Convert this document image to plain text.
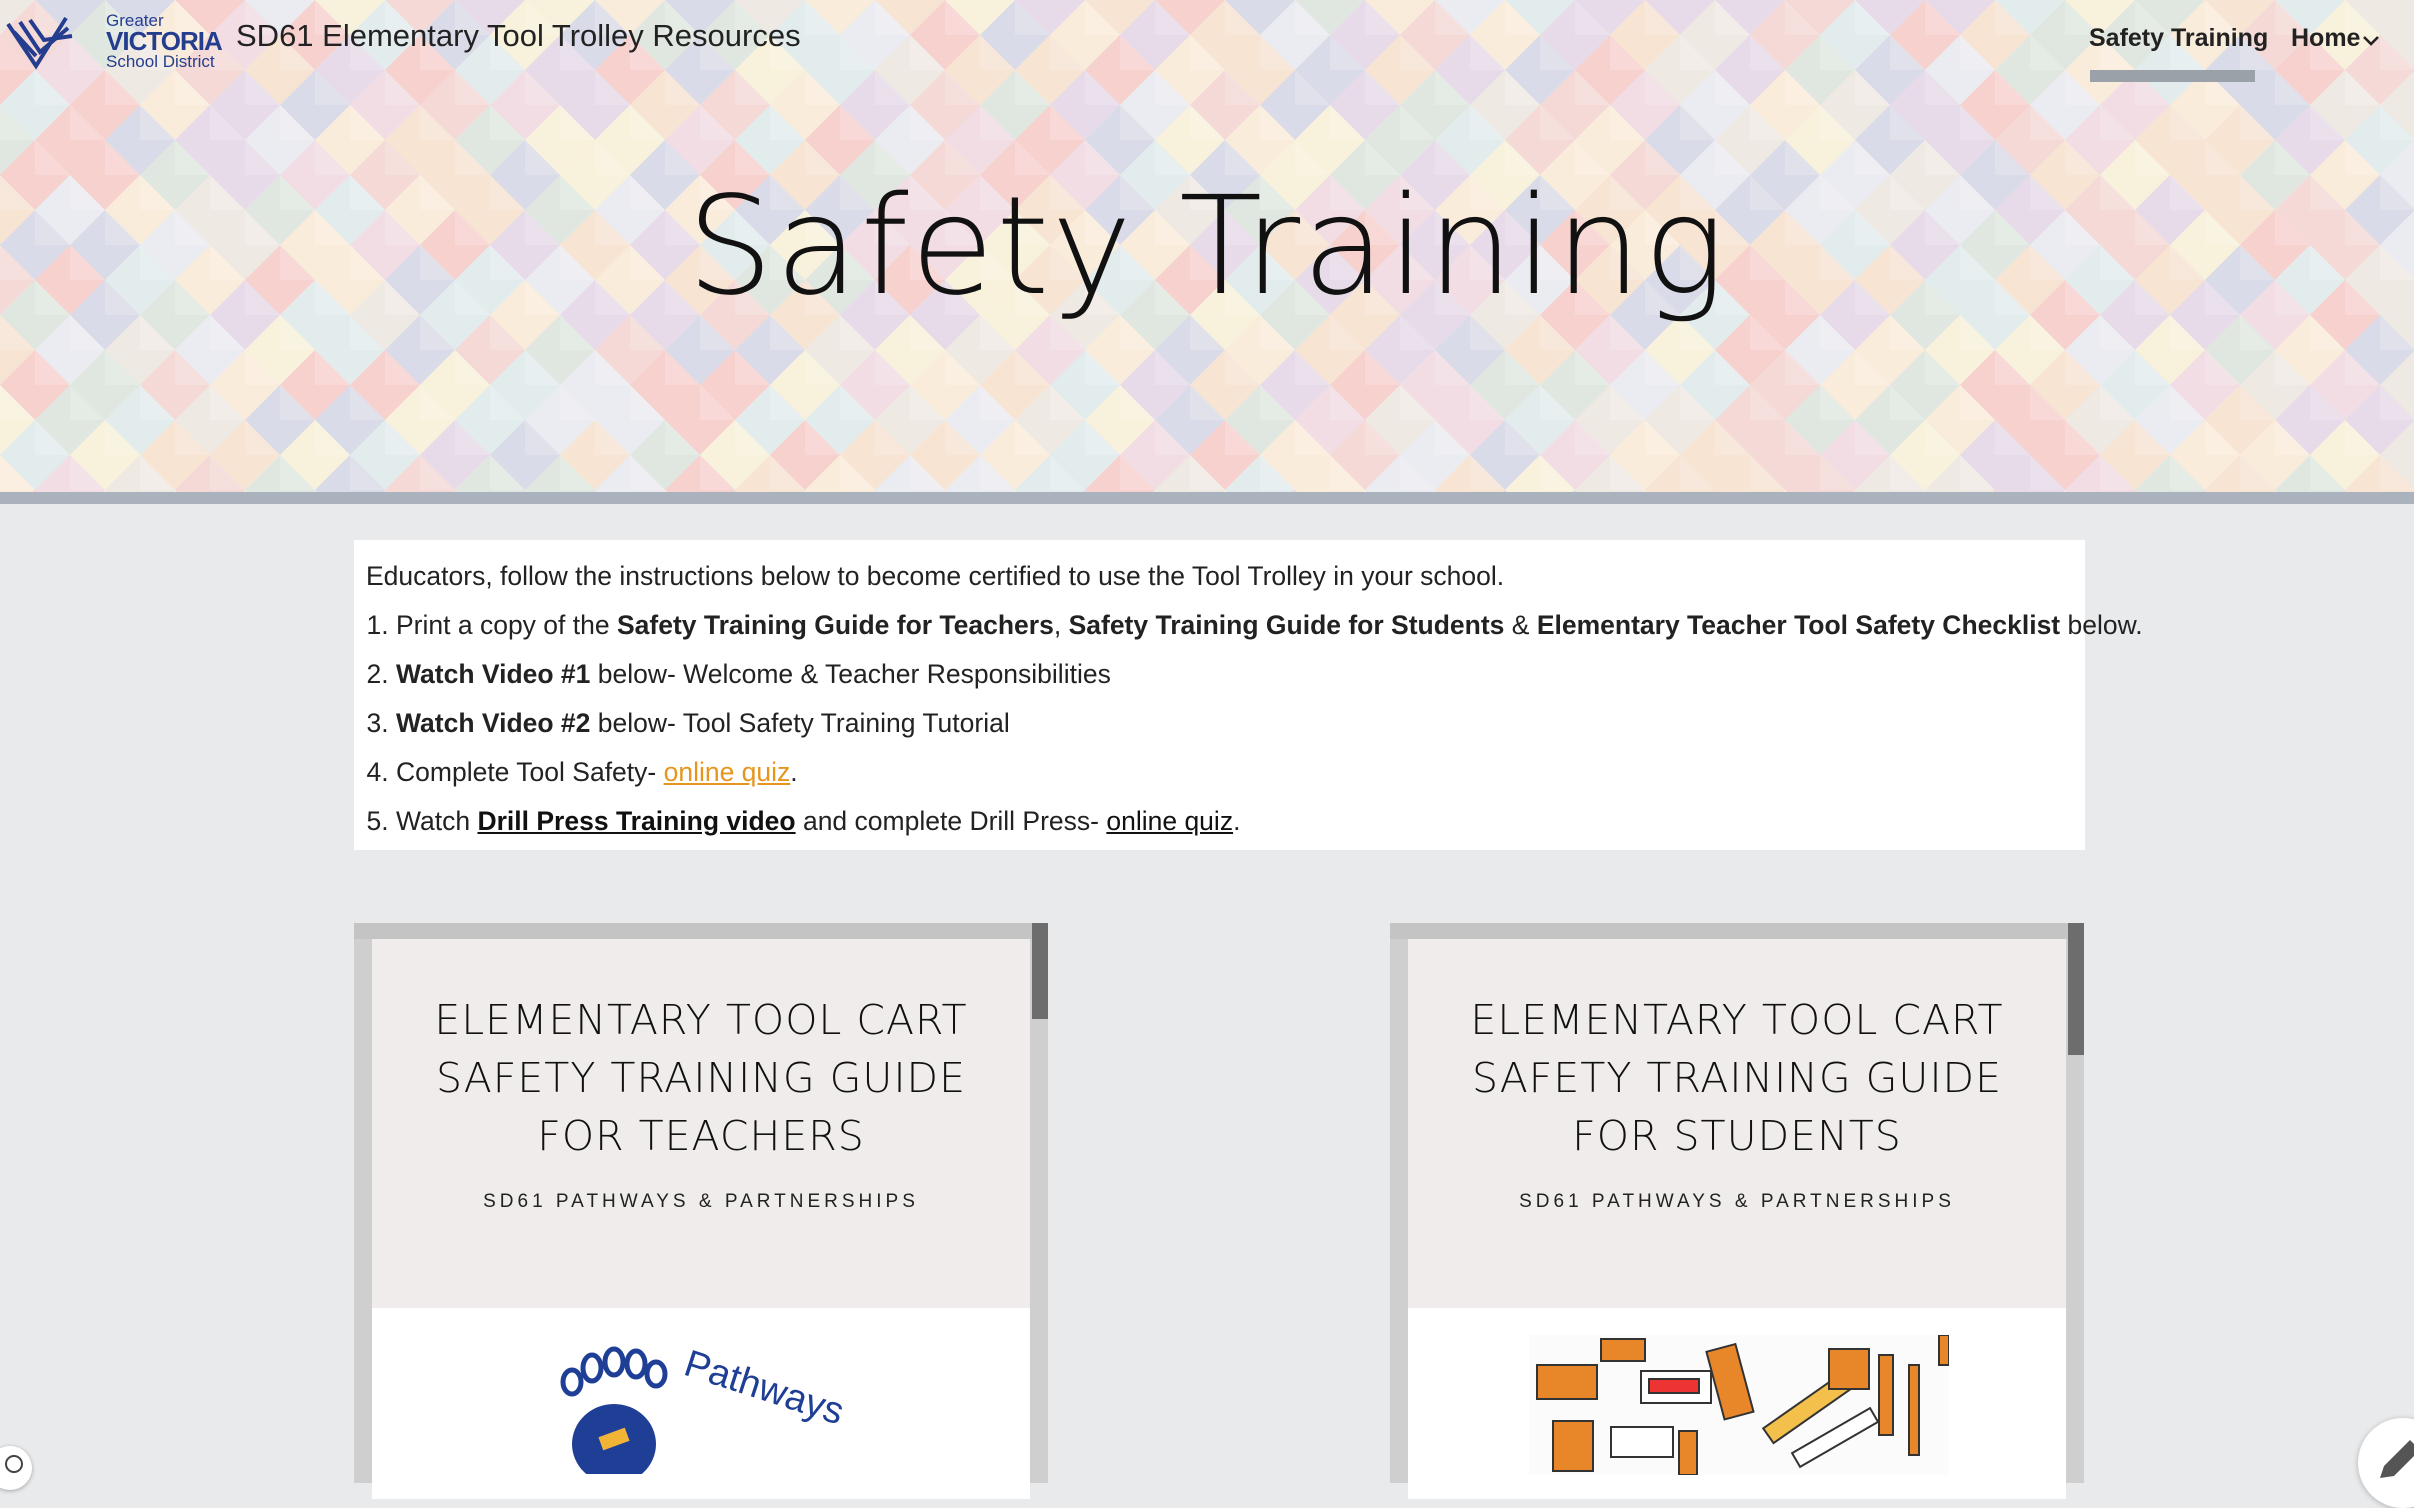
Greater
VICTORIA
School District
SD61 Elementary Tool Trolley Resources	Safety Training Home
Safety Training

Educators, follow the instructions below to become certified to use the Tool Trolley in your school.

1. Print a copy of the Safety Training Guide for Teachers, Safety Training Guide for Students & Elementary Teacher Tool Safety Checklist below.
2. Watch Video #1 below- Welcome & Teacher Responsibilities
3. Watch Video #2 below- Tool Safety Training Tutorial
4. Complete Tool Safety- online quiz.
5. Watch Drill Press Training video and complete Drill Press- online quiz.
ELEMENTARY TOOL CART
SAFETY TRAINING GUIDE
FOR TEACHERS
SD61 PATHWAYS & PARTNERSHIPS
Pathways
ELEMENTARY TOOL CART
SAFETY TRAINING GUIDE
FOR STUDENTS
SD61 PATHWAYS & PARTNERSHIPS
